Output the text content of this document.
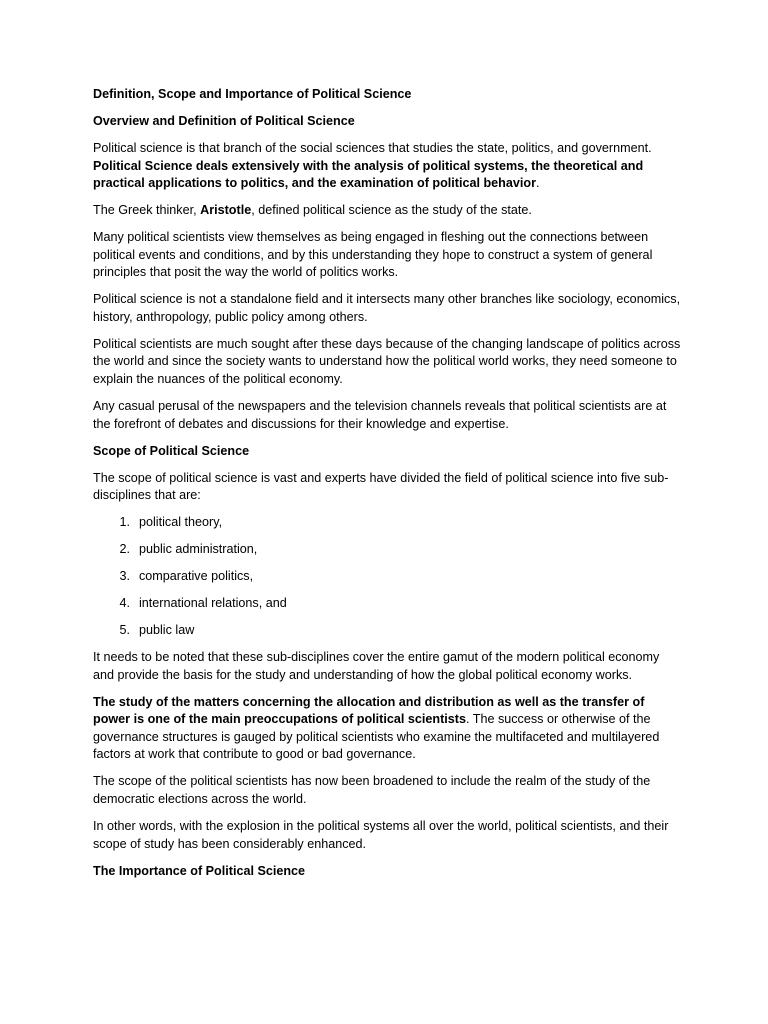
Definition, Scope and Importance of Political Science

Overview and Definition of Political Science

Political science is that branch of the social sciences that studies the state, politics, and government. Political Science deals extensively with the analysis of political systems, the theoretical and practical applications to politics, and the examination of political behavior.

The Greek thinker, Aristotle, defined political science as the study of the state.

Many political scientists view themselves as being engaged in fleshing out the connections between political events and conditions, and by this understanding they hope to construct a system of general principles that posit the way the world of politics works.

Political science is not a standalone field and it intersects many other branches like sociology, economics, history, anthropology, public policy among others.

Political scientists are much sought after these days because of the changing landscape of politics across the world and since the society wants to understand how the political world works, they need someone to explain the nuances of the political economy.

Any casual perusal of the newspapers and the television channels reveals that political scientists are at the forefront of debates and discussions for their knowledge and expertise.

Scope of Political Science

The scope of political science is vast and experts have divided the field of political science into five sub-disciplines that are:

1. political theory,
2. public administration,
3. comparative politics,
4. international relations, and
5. public law

It needs to be noted that these sub-disciplines cover the entire gamut of the modern political economy and provide the basis for the study and understanding of how the global political economy works.

The study of the matters concerning the allocation and distribution as well as the transfer of power is one of the main preoccupations of political scientists. The success or otherwise of the governance structures is gauged by political scientists who examine the multifaceted and multilayered factors at work that contribute to good or bad governance.

The scope of the political scientists has now been broadened to include the realm of the study of the democratic elections across the world.

In other words, with the explosion in the political systems all over the world, political scientists, and their scope of study has been considerably enhanced.

The Importance of Political Science
